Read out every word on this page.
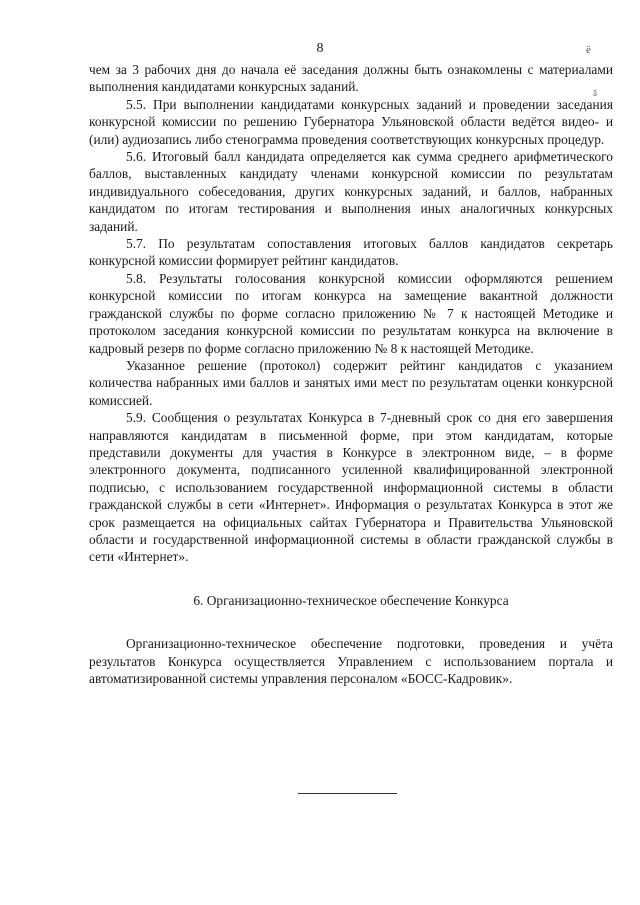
8	ё
ǎ

чем за 3 рабочих дня до начала её заседания должны быть ознакомлены с материалами выполнения кандидатами конкурсных заданий.

5.5. При выполнении кандидатами конкурсных заданий и проведении заседания конкурсной комиссии по решению Губернатора Ульяновской области ведётся видео- и (или) аудиозапись либо стенограмма проведения соответствующих конкурсных процедур.

5.6. Итоговый балл кандидата определяется как сумма среднего арифметического баллов, выставленных кандидату членами конкурсной комиссии по результатам индивидуального собеседования, других конкурсных заданий, и баллов, набранных кандидатом по итогам тестирования и выполнения иных аналогичных конкурсных заданий.

5.7. По результатам сопоставления итоговых баллов кандидатов секретарь конкурсной комиссии формирует рейтинг кандидатов.

5.8. Результаты голосования конкурсной комиссии оформляются решением конкурсной комиссии по итогам конкурса на замещение вакантной должности гражданской службы по форме согласно приложению № 7 к настоящей Методике и протоколом заседания конкурсной комиссии по результатам конкурса на включение в кадровый резерв по форме согласно приложению № 8 к настоящей Методике.

Указанное решение (протокол) содержит рейтинг кандидатов с указанием количества набранных ими баллов и занятых ими мест по результатам оценки конкурсной комиссией.

5.9. Сообщения о результатах Конкурса в 7-дневный срок со дня его завершения направляются кандидатам в письменной форме, при этом кандидатам, которые представили документы для участия в Конкурсе в электронном виде, – в форме электронного документа, подписанного усиленной квалифицированной электронной подписью, с использованием государственной информационной системы в области гражданской службы в сети «Интернет». Информация о результатах Конкурса в этот же срок размещается на официальных сайтах Губернатора и Правительства Ульяновской области и государственной информационной системы в области гражданской службы в сети «Интернет».

6. Организационно-техническое обеспечение Конкурса

Организационно-техническое обеспечение подготовки, проведения и учёта результатов Конкурса осуществляется Управлением с использованием портала и автоматизированной системы управления персоналом «БОСС-Кадровик».
